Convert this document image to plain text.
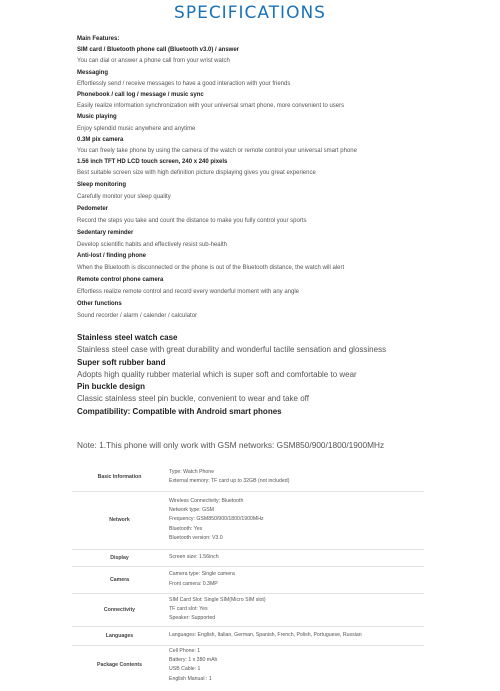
SPECIFICATIONS
Main Features:
SIM card / Bluetooth phone call (Bluetooth v3.0) / answer
You can dial or answer a phone call from your wrist watch
Messaging
Effortlessly send / receive messages to have a good interaction with your friends
Phonebook / call log / message / music sync
Easily realize information synchronization with your universal smart phone, more convenient to users
Music playing
Enjoy splendid music anywhere and anytime
0.3M pix camera
You can freely take phone by using the camera of the watch or remote control your universal smart phone
1.56 inch TFT HD LCD touch screen, 240 x 240 pixels
Best suitable screen size with high definition picture displaying gives you great experience
Sleep monitoring
Carefully monitor your sleep quality
Pedometer
Record the steps you take and count the distance to make you fully control your sports
Sedentary reminder
Develop scientific habits and effectively resist sub-health
Anti-lost / finding phone
When the Bluetooth is disconnected or the phone is out of the Bluetooth distance, the watch will alert
Remote control phone camera
Effortless realize remote control and record every wonderful moment with any angle
Other functions
Sound recorder / alarm / calender / calculator
Stainless steel watch case
Stainless steel case with great durability and wonderful tactile sensation and glossiness
Super soft rubber band
Adopts high quality rubber material which is super soft and comfortable to wear
Pin buckle design
Classic stainless steel pin buckle, convenient to wear and take off
Compatibility: Compatible with Android smart phones
Note: 1.This phone will only work with GSM networks: GSM850/900/1800/1900MHz
Basic Information	Type: Watch Phone
External memory: TF card up to 32GB (not included)

Network	Wireless Connectivity: Bluetooth
Network type: GSM
Frequency: GSM850/900/1800/1900MHz
Bluetooth: Yes
Bluetooth version: V3.0

Display	Screen size: 1.56inch

Camera	Camera type: Single camera
Front camera: 0.3MP

Connectivity	SIM Card Slot: Single SIM(Micro SIM slot)
TF card slot: Yes
Speaker: Supported

Languages	Languages: English, Italian, German, Spanish, French, Polish, Portuguese, Russian

Package Contents	Cell Phone: 1
Battery: 1 x 380 mAh
USB Cable: 1
English Manual : 1
